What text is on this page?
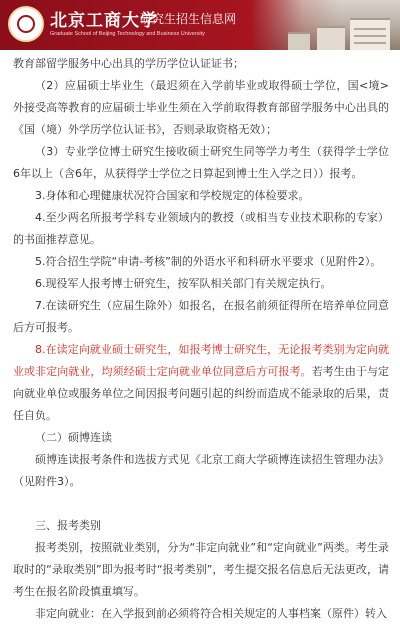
北京工商大学
研究生招生信息网
Graduate School of Beijing Technology and Business University

教育部留学服务中心出具的学历学位认证证书；

（2）应届硕士毕业生（最迟须在入学前毕业或取得硕士学位，国<境>外接受高等教育的应届硕士毕业生须在入学前取得教育部留学服务中心出具的《国（境）外学历学位认证书》，否则录取资格无效）；

（3）专业学位博士研究生接收硕士研究生同等学力考生（获得学士学位6年以上（含6年，从获得学士学位之日算起到博士生入学之日））报考。

3.身体和心理健康状况符合国家和学校规定的体检要求。

4.至少两名所报考学科专业领域内的教授（或相当专业技术职称的专家）的书面推荐意见。

5.符合招生学院“申请-考核”制的外语水平和科研水平要求（见附件2）。

6.现役军人报考博士研究生，按军队相关部门有关规定执行。

7.在读研究生（应届生除外）如报名，在报名前须征得所在培养单位同意后方可报考。

8.在读定向就业硕士研究生，如报考博士研究生，无论报考类别为定向就业或非定向就业，均须经硕士定向就业单位同意后方可报考。若考生由于与定向就业单位或服务单位之间因报考问题引起的纠纷而造成不能录取的后果，责任自负。

（二）硕博连读

硕博连读报考条件和选拔方式见《北京工商大学硕博连读招生管理办法》（见附件3）。

三、报考类别

报考类别，按照就业类别，分为“非定向就业”和“定向就业”两类。考生录取时的“录取类别”即为报考时“报考类别”，考生提交报名信息后无法更改，请考生在报名阶段慎重填写。

非定向就业：在入学报到前必须将符合相关规定的人事档案（原件）转入
